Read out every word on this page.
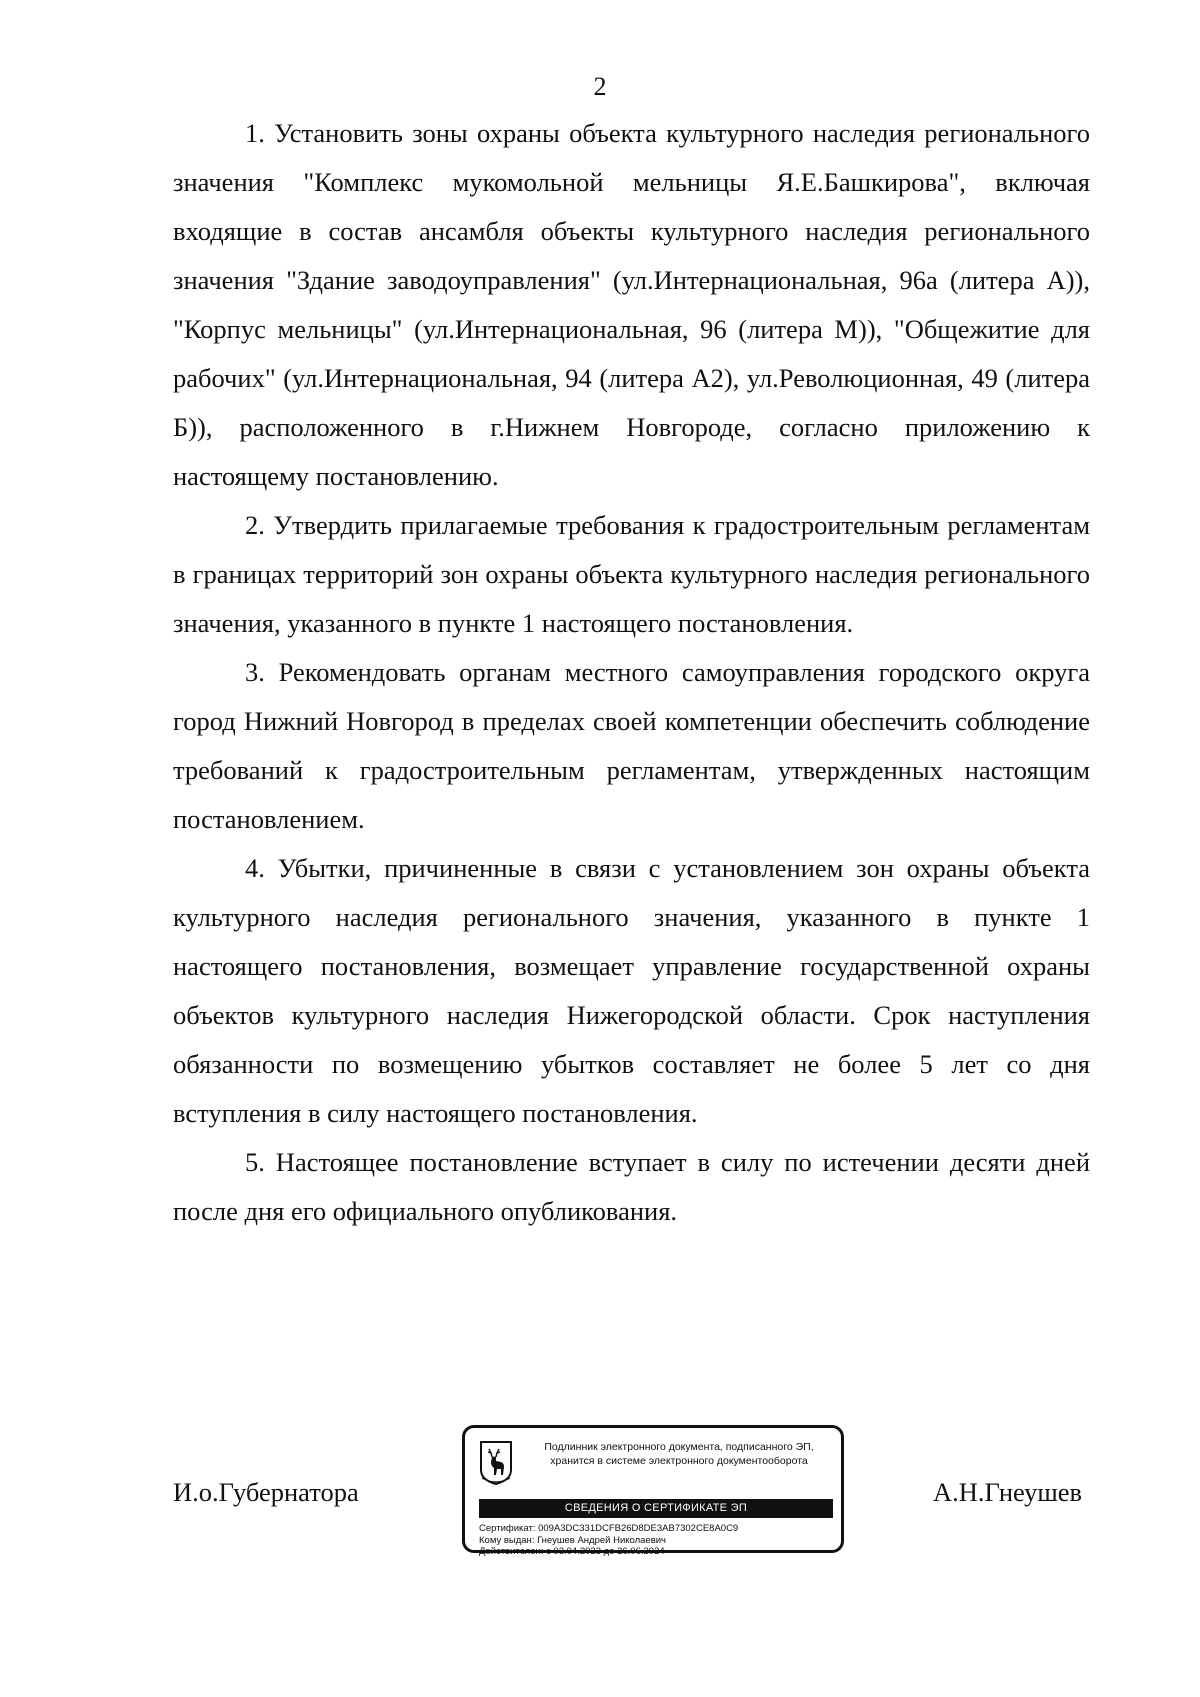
2

1. Установить зоны охраны объекта культурного наследия регионального значения "Комплекс мукомольной мельницы Я.Е.Башкирова", включая входящие в состав ансамбля объекты культурного наследия регионального значения "Здание заводоуправления" (ул.Интернациональная, 96а (литера А)), "Корпус мельницы" (ул.Интернациональная, 96 (литера М)), "Общежитие для рабочих" (ул.Интернациональная, 94 (литера А2), ул.Революционная, 49 (литера Б)), расположенного в г.Нижнем Новгороде, согласно приложению к настоящему постановлению.

2. Утвердить прилагаемые требования к градостроительным регламентам в границах территорий зон охраны объекта культурного наследия регионального значения, указанного в пункте 1 настоящего постановления.

3. Рекомендовать органам местного самоуправления городского округа город Нижний Новгород в пределах своей компетенции обеспечить соблюдение требований к градостроительным регламентам, утвержденных настоящим постановлением.

4. Убытки, причиненные в связи с установлением зон охраны объекта культурного наследия регионального значения, указанного в пункте 1 настоящего постановления, возмещает управление государственной охраны объектов культурного наследия Нижегородской области. Срок наступления обязанности по возмещению убытков составляет не более 5 лет со дня вступления в силу настоящего постановления.

5. Настоящее постановление вступает в силу по истечении десяти дней после дня его официального опубликования.

И.о.Губернатора	А.Н.Гнеушев
Подлинник электронного документа, подписанного ЭП,
хранится в системе электронного документооборота
СВЕДЕНИЯ О СЕРТИФИКАТЕ ЭП
Сертификат: 009A3DC331DCFB26D8DE3AB7302CE8A0C9
Кому выдан: Гнеушев Андрей Николаевич
Действителен: с 03.04.2023 до 26.06.2024
